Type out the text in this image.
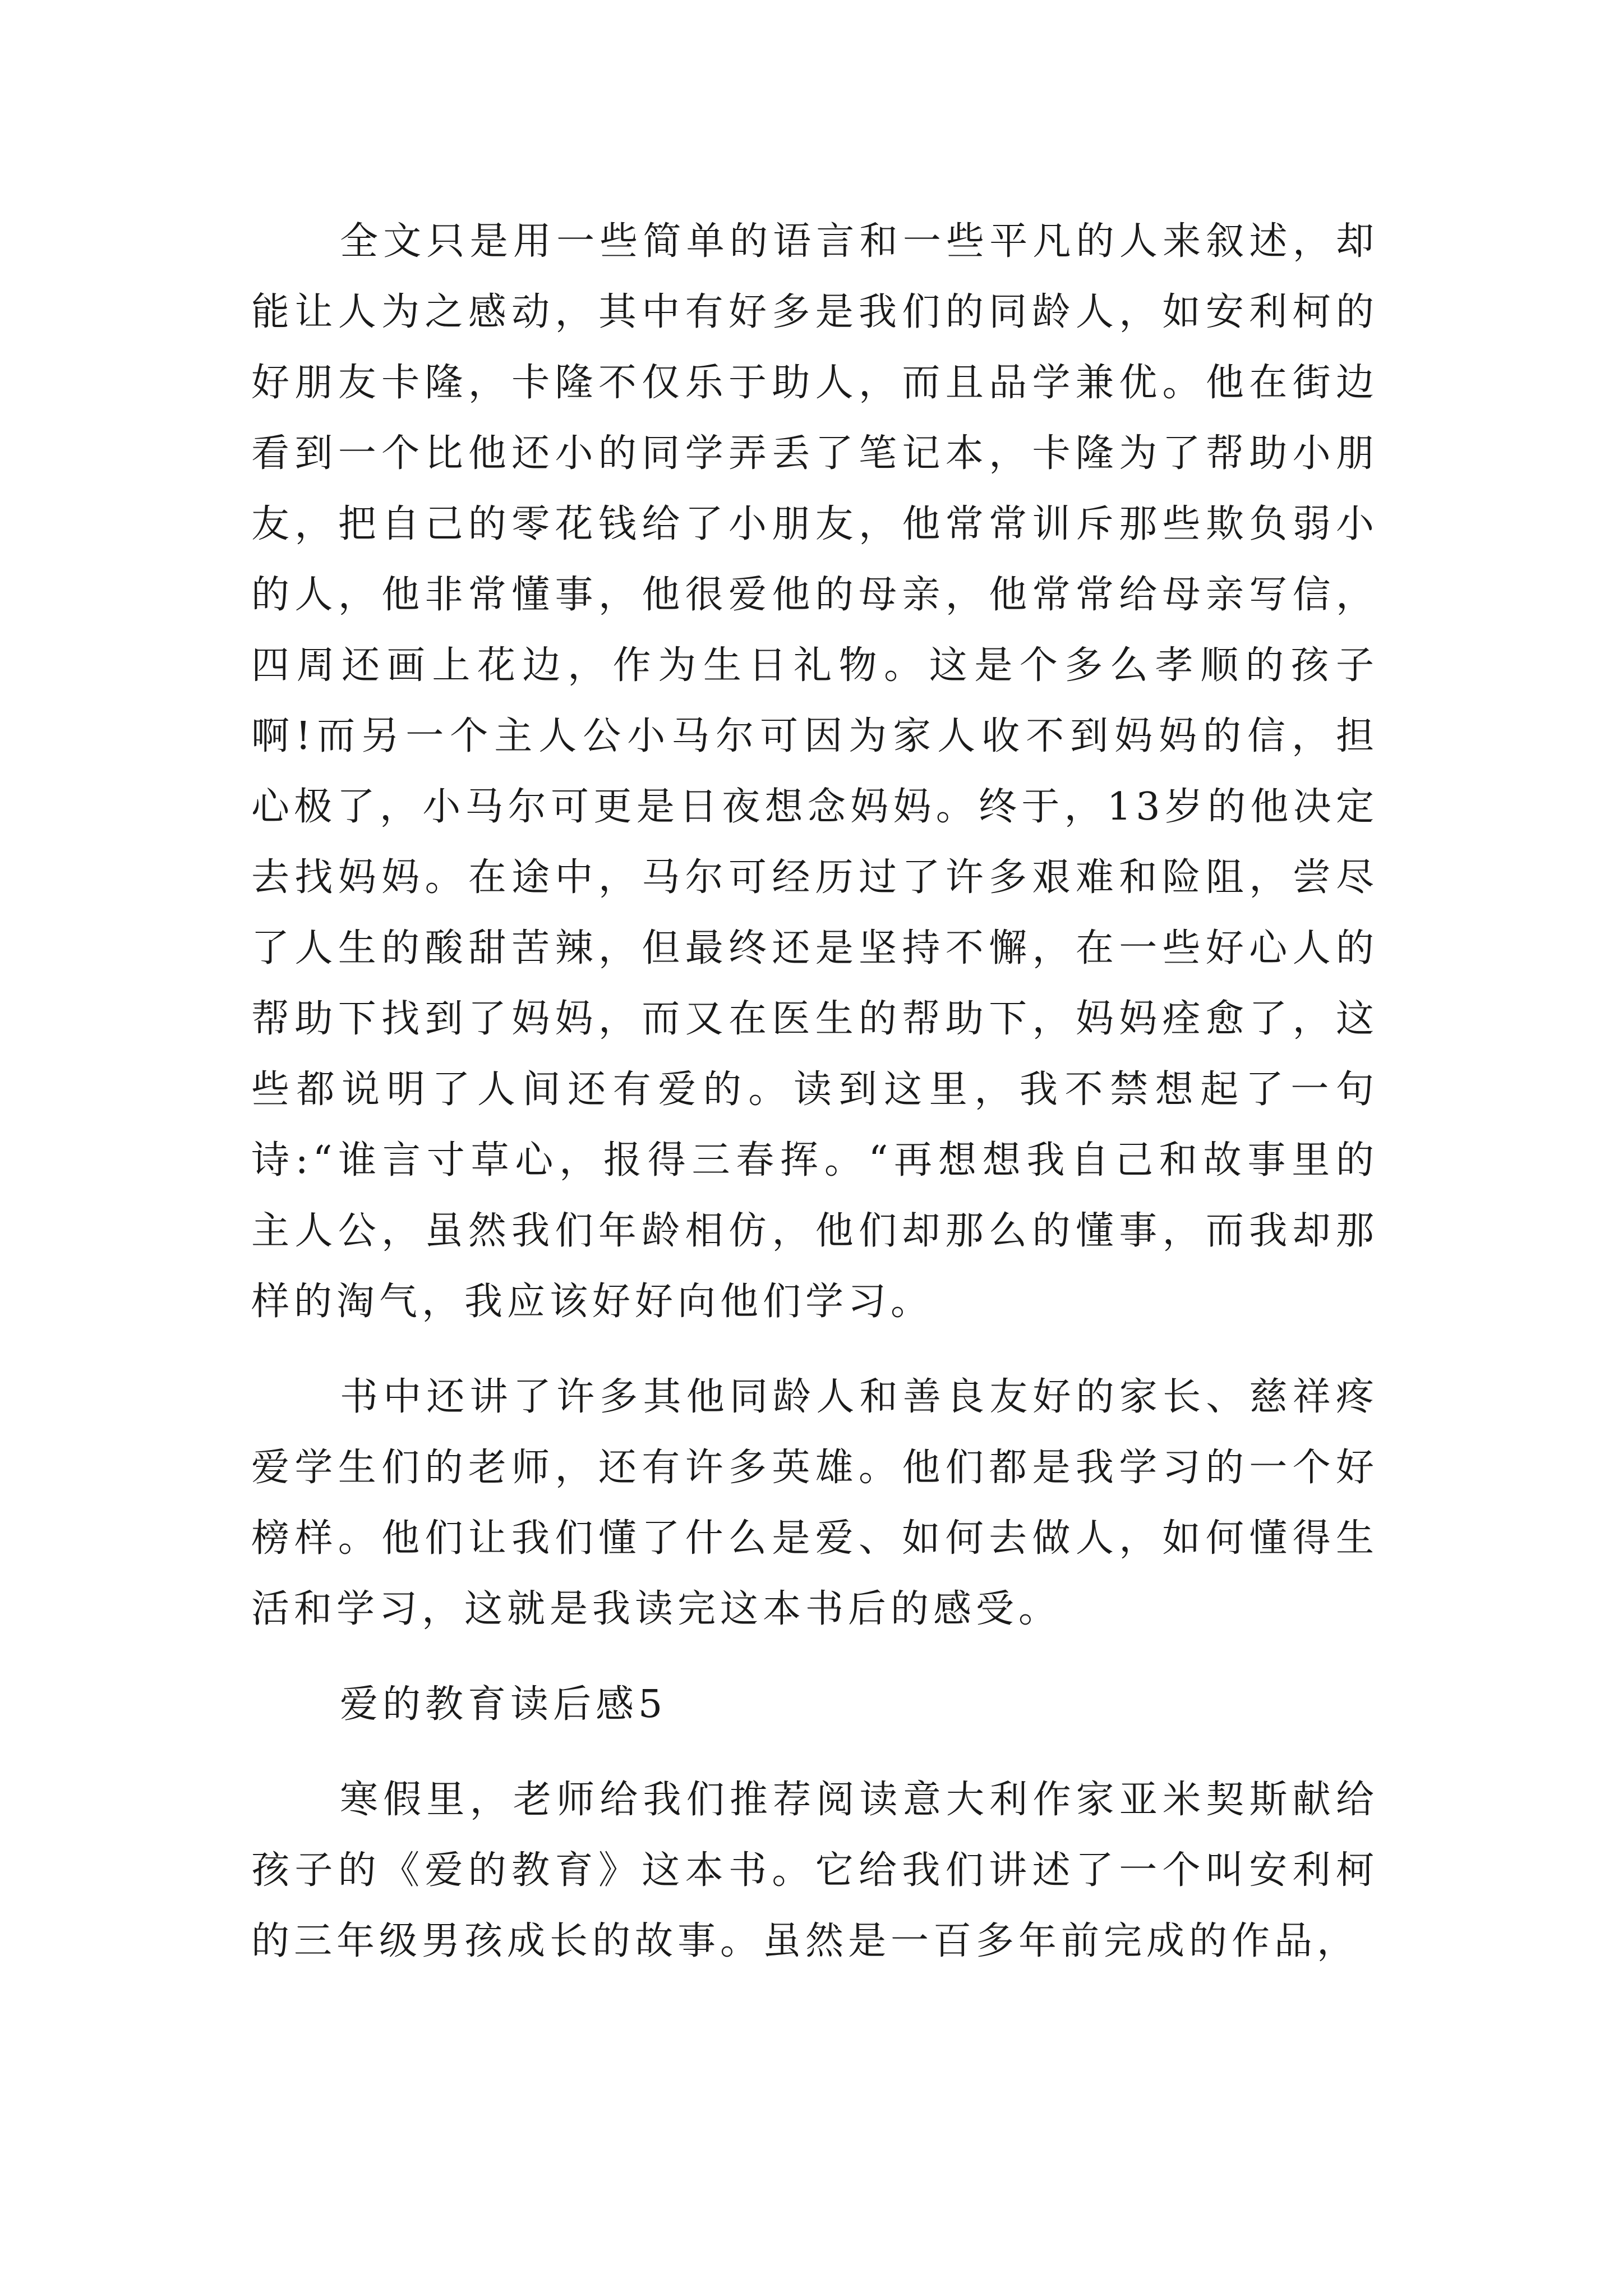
全文只是用一些简单的语言和一些平凡的人来叙述，却能让人为之感动，其中有好多是我们的同龄人，如安利柯的好朋友卡隆，卡隆不仅乐于助人，而且品学兼优。他在街边看到一个比他还小的同学弄丢了笔记本，卡隆为了帮助小朋友，把自己的零花钱给了小朋友，他常常训斥那些欺负弱小的人，他非常懂事，他很爱他的母亲，他常常给母亲写信，四周还画上花边，作为生日礼物。这是个多么孝顺的孩子啊!而另一个主人公小马尔可因为家人收不到妈妈的信，担心极了，小马尔可更是日夜想念妈妈。终于，13岁的他决定去找妈妈。在途中，马尔可经历过了许多艰难和险阻，尝尽了人生的酸甜苦辣，但最终还是坚持不懈，在一些好心人的帮助下找到了妈妈，而又在医生的帮助下，妈妈痊愈了，这些都说明了人间还有爱的。读到这里，我不禁想起了一句诗:“谁言寸草心，报得三春挥。“再想想我自己和故事里的主人公，虽然我们年龄相仿，他们却那么的懂事，而我却那样的淘气，我应该好好向他们学习。

书中还讲了许多其他同龄人和善良友好的家长、慈祥疼爱学生们的老师，还有许多英雄。他们都是我学习的一个好榜样。他们让我们懂了什么是爱、如何去做人，如何懂得生活和学习，这就是我读完这本书后的感受。

爱的教育读后感5

寒假里，老师给我们推荐阅读意大利作家亚米契斯献给孩子的《爱的教育》这本书。它给我们讲述了一个叫安利柯的三年级男孩成长的故事。虽然是一百多年前完成的作品，
